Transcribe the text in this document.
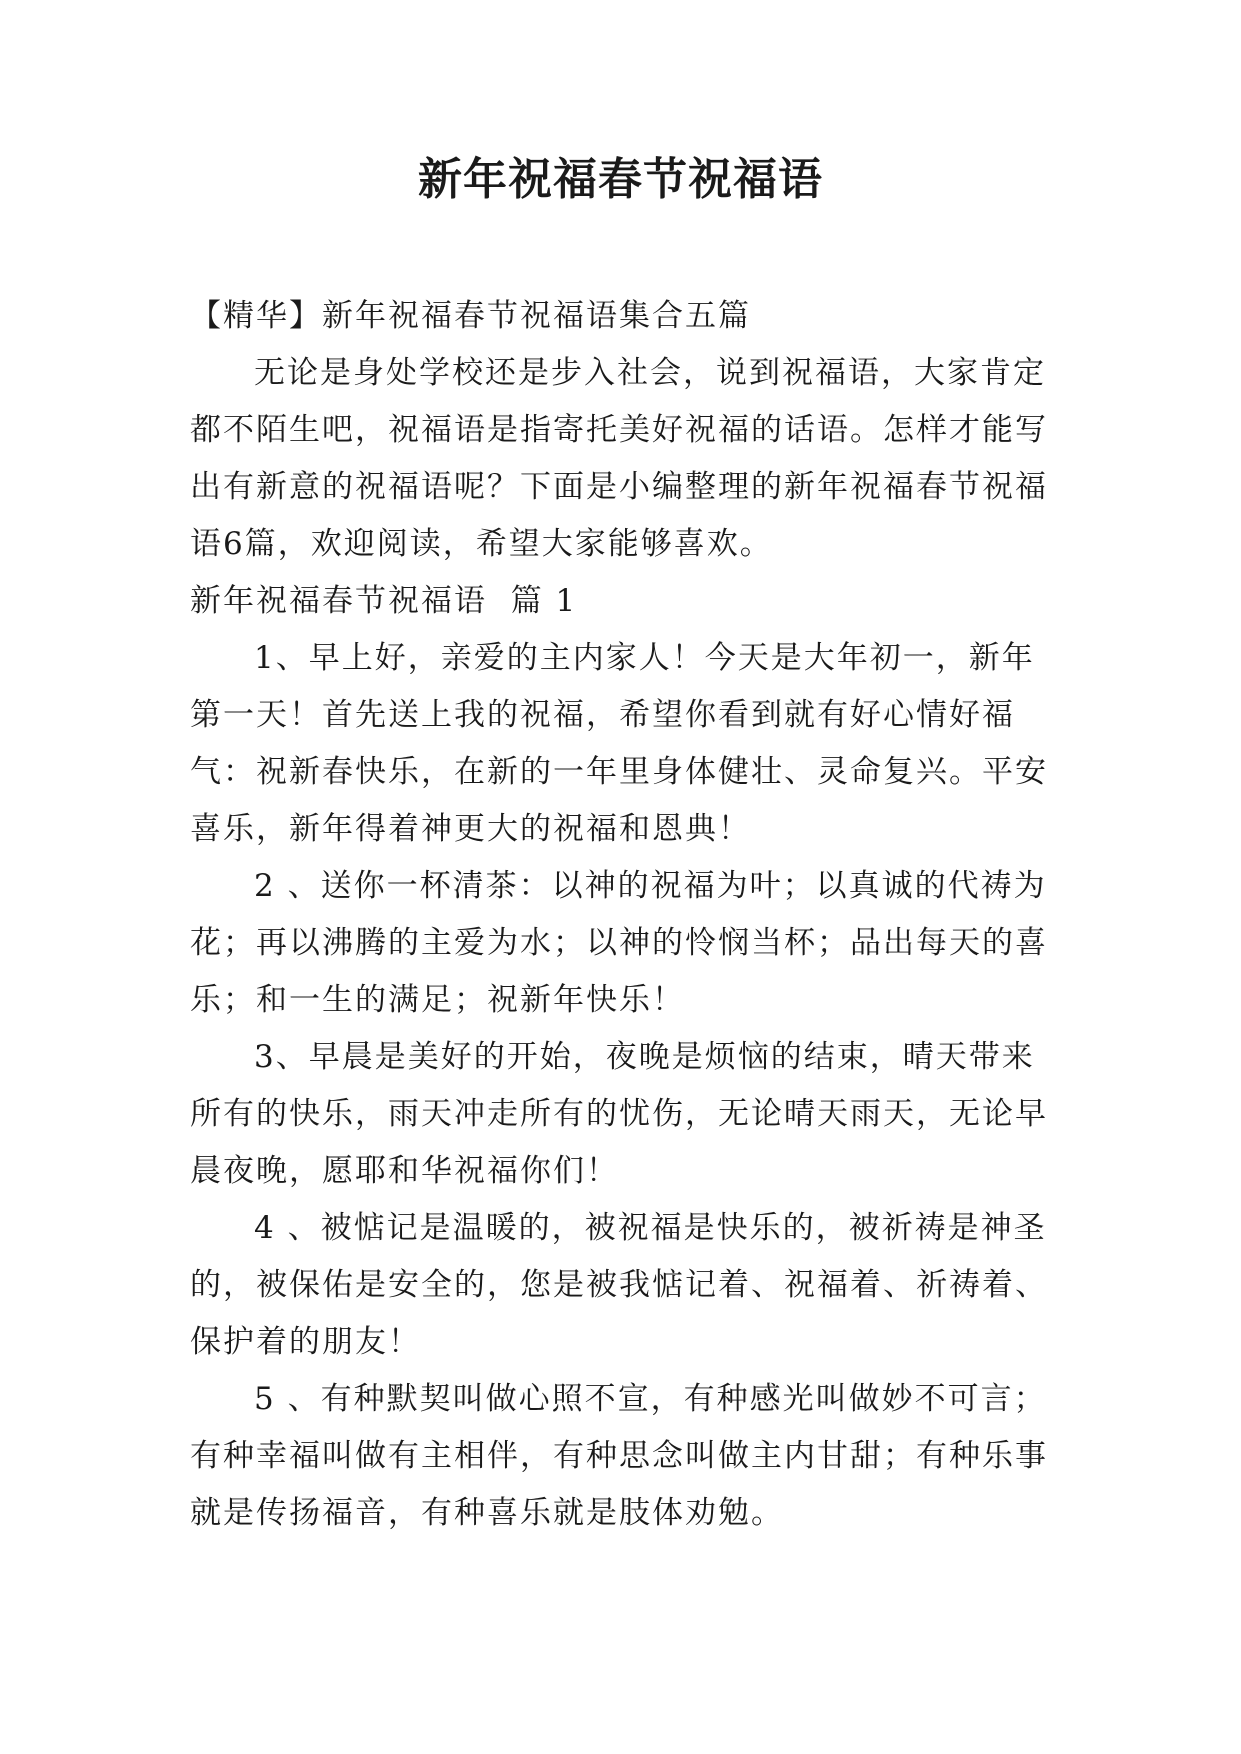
新年祝福春节祝福语

【精华】新年祝福春节祝福语集合五篇

无论是身处学校还是步入社会，说到祝福语，大家肯定都不陌生吧，祝福语是指寄托美好祝福的话语。怎样才能写出有新意的祝福语呢？下面是小编整理的新年祝福春节祝福语6篇，欢迎阅读，希望大家能够喜欢。

新年祝福春节祝福语  篇 1

1、早上好，亲爱的主内家人！今天是大年初一，新年第一天！首先送上我的祝福，希望你看到就有好心情好福气：祝新春快乐，在新的一年里身体健壮、灵命复兴。平安喜乐，新年得着神更大的祝福和恩典！

2 、送你一杯清茶：以神的祝福为叶；以真诚的代祷为花；再以沸腾的主爱为水；以神的怜悯当杯；品出每天的喜乐；和一生的满足；祝新年快乐！

3、早晨是美好的开始，夜晚是烦恼的结束，晴天带来所有的快乐，雨天冲走所有的忧伤，无论晴天雨天，无论早晨夜晚，愿耶和华祝福你们！

4 、被惦记是温暖的，被祝福是快乐的，被祈祷是神圣的，被保佑是安全的，您是被我惦记着、祝福着、祈祷着、保护着的朋友！

5 、有种默契叫做心照不宣，有种感光叫做妙不可言；有种幸福叫做有主相伴，有种思念叫做主内甘甜；有种乐事就是传扬福音，有种喜乐就是肢体劝勉。
